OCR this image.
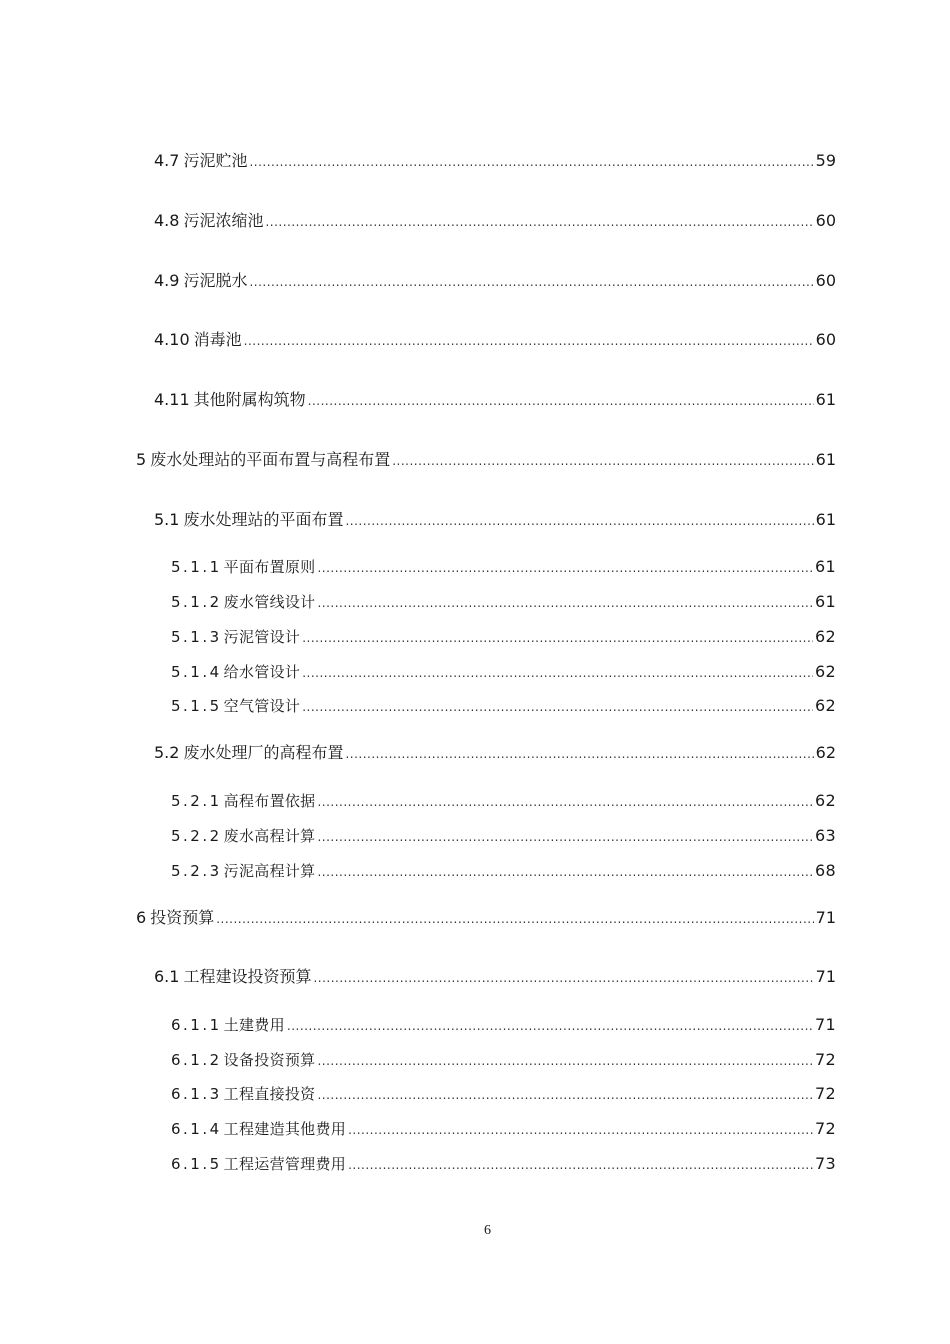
4.7 污泥贮池 .....	59
4.8 污泥浓缩池 .....	60
4.9 污泥脱水 .....	60
4.10 消毒池 .....	60
4.11 其他附属构筑物 .....	61
5 废水处理站的平面布置与高程布置 .....	61
5.1 废水处理站的平面布置 .....	61
5.1.1 平面布置原则 .....	61
5.1.2 废水管线设计 .....	61
5.1.3 污泥管设计 .....	62
5.1.4 给水管设计 .....	62
5.1.5 空气管设计 .....	62
5.2 废水处理厂的高程布置 .....	62
5.2.1 高程布置依据 .....	62
5.2.2 废水高程计算 .....	63
5.2.3 污泥高程计算 .....	68
6 投资预算 .....	71
6.1 工程建设投资预算 .....	71
6.1.1 土建费用 .....	71
6.1.2 设备投资预算 .....	72
6.1.3 工程直接投资 .....	72
6.1.4 工程建造其他费用 .....	72
6.1.5 工程运营管理费用 .....	73
6
